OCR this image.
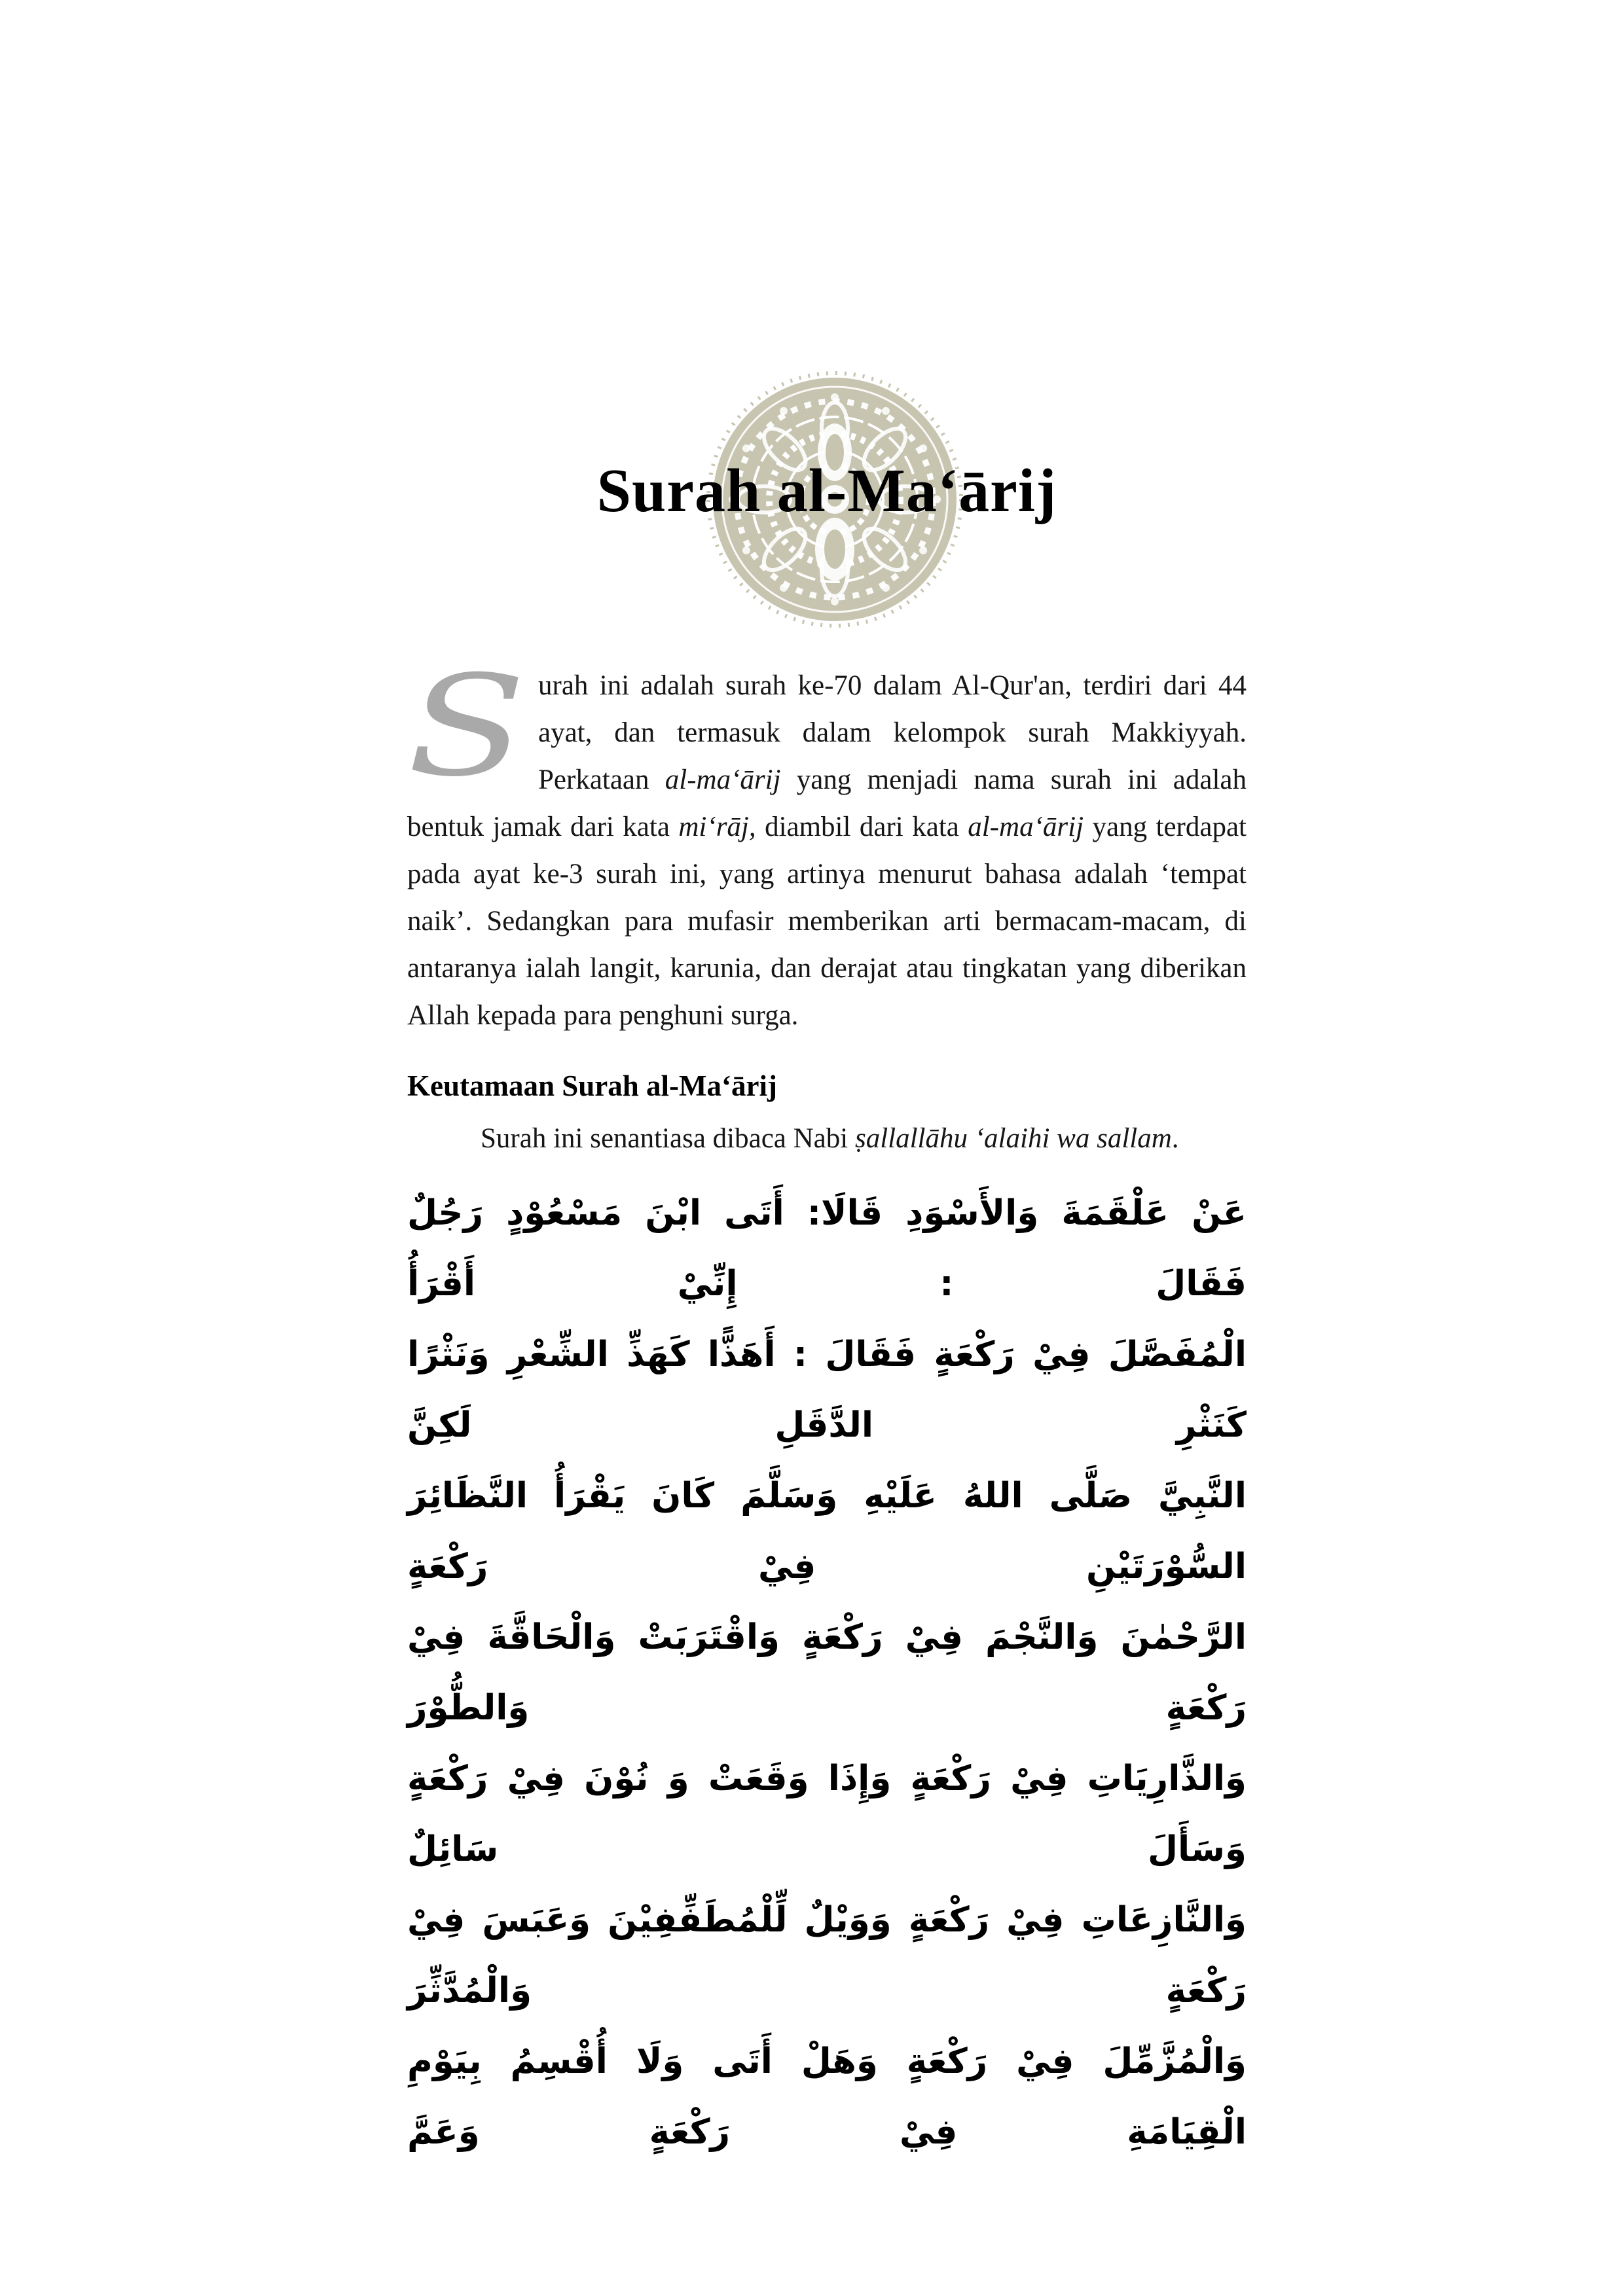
Surah al-Ma‘ārij

Surah ini adalah surah ke-70 dalam Al-Qur'an, terdiri dari 44 ayat, dan termasuk dalam kelompok surah Makkiyyah. Perkataan al-ma‘ārij yang menjadi nama surah ini adalah bentuk jamak dari kata mi‘rāj, diambil dari kata al-ma‘ārij yang terdapat pada ayat ke-3 surah ini, yang artinya menurut bahasa adalah ‘tempat naik’. Sedangkan para mufasir memberikan arti bermacam-macam, di antaranya ialah langit, karunia, dan derajat atau tingkatan yang diberikan Allah kepada para penghuni surga.

Keutamaan Surah al-Ma‘ārij

Surah ini senantiasa dibaca Nabi ṣallallāhu ‘alaihi wa sallam.

عَنْ عَلْقَمَةَ وَالأَسْوَدِ قَالَا: أَتَى ابْنَ مَسْعُوْدٍ رَجُلٌ فَقَالَ : إِنِّيْ أَقْرَأُ
الْمُفَصَّلَ فِيْ رَكْعَةٍ فَقَالَ : أَهَذًّا كَهَذِّ الشِّعْرِ وَنَثْرًا كَنَثْرِ الدَّقَلِ لَكِنَّ
النَّبِيَّ صَلَّى اللهُ عَلَيْهِ وَسَلَّمَ كَانَ يَقْرَأُ النَّظَائِرَ السُّوْرَتَيْنِ فِيْ رَكْعَةٍ
الرَّحْمٰنَ وَالنَّجْمَ فِيْ رَكْعَةٍ وَاقْتَرَبَتْ وَالْحَاقَّةَ فِيْ رَكْعَةٍ وَالطُّوْرَ
وَالذَّارِيَاتِ فِيْ رَكْعَةٍ وَإِذَا وَقَعَتْ وَ نُوْنَ فِيْ رَكْعَةٍ وَسَأَلَ سَائِلٌ
وَالنَّازِعَاتِ فِيْ رَكْعَةٍ وَوَيْلٌ لِّلْمُطَفِّفِيْنَ وَعَبَسَ فِيْ رَكْعَةٍ وَالْمُدَّثِّرَ
وَالْمُزَّمِّلَ فِيْ رَكْعَةٍ وَهَلْ أَتَى وَلَا أُقْسِمُ بِيَوْمِ الْقِيَامَةِ فِيْ رَكْعَةٍ وَعَمَّ
